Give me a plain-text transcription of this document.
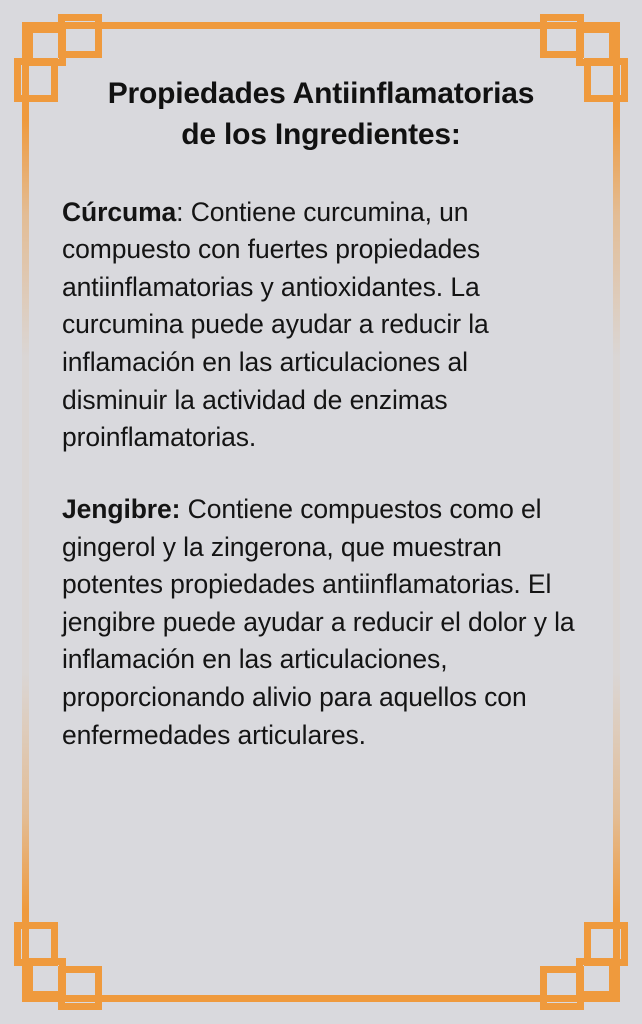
Propiedades Antiinflamatorias
de los Ingredientes:

Cúrcuma: Contiene curcumina, un compuesto con fuertes propiedades antiinflamatorias y antioxidantes. La curcumina puede ayudar a reducir la inflamación en las articulaciones al disminuir la actividad de enzimas proinflamatorias.

Jengibre: Contiene compuestos como el gingerol y la zingerona, que muestran potentes propiedades antiinflamatorias. El jengibre puede ayudar a reducir el dolor y la inflamación en las articulaciones, proporcionando alivio para aquellos con enfermedades articulares.
